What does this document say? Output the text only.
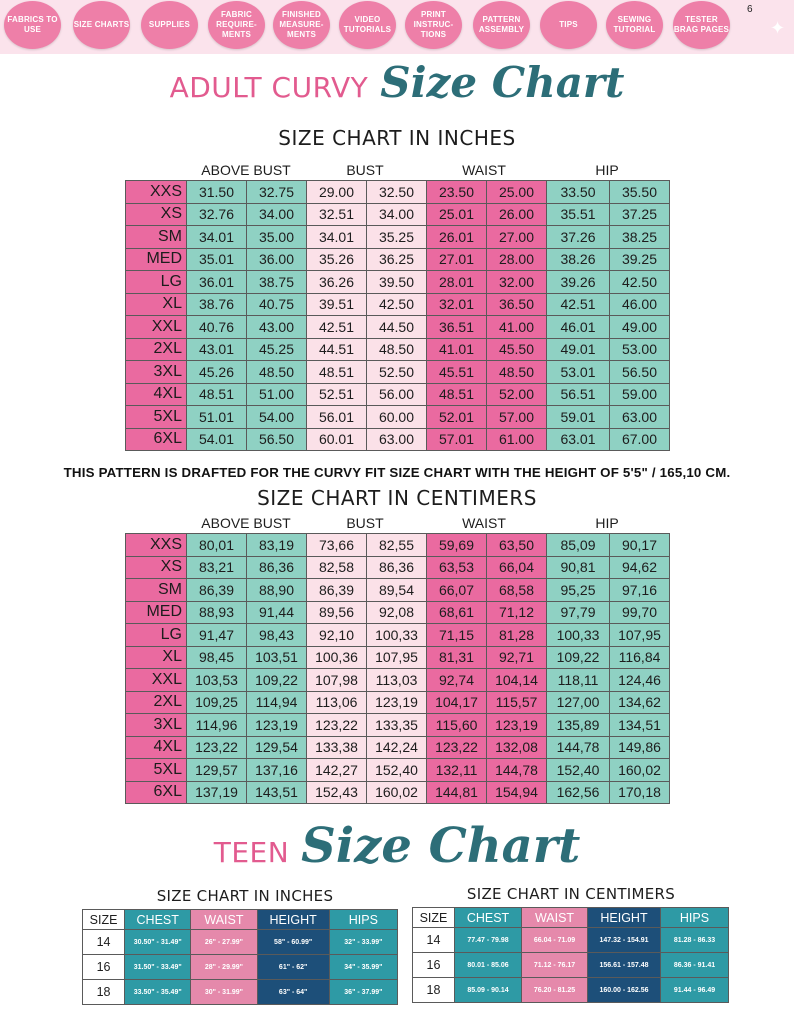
FABRICS TO USE
SIZE CHARTS	SUPPLIES
FABRIC REQUIRE- MENTS
FINISHED MEASURE- MENTS
VIDEO TUTORIALS
PRINT INSTRUC- TIONS
PATTERN ASSEMBLY
TIPS
SEWING TUTORIAL
TESTER BRAG PAGES
6
✦
ADULT CURVY Size Chart
SIZE CHART IN INCHES
ABOVE BUST	BUST	WAIST	HIP
XXS	31.50	32.75	29.00	32.50	23.50	25.00	33.50	35.50
XS	32.76	34.00	32.51	34.00	25.01	26.00	35.51	37.25
SM	34.01	35.00	34.01	35.25	26.01	27.00	37.26	38.25
MED	35.01	36.00	35.26	36.25	27.01	28.00	38.26	39.25
LG	36.01	38.75	36.26	39.50	28.01	32.00	39.26	42.50
XL	38.76	40.75	39.51	42.50	32.01	36.50	42.51	46.00
XXL	40.76	43.00	42.51	44.50	36.51	41.00	46.01	49.00
2XL	43.01	45.25	44.51	48.50	41.01	45.50	49.01	53.00
3XL	45.26	48.50	48.51	52.50	45.51	48.50	53.01	56.50
4XL	48.51	51.00	52.51	56.00	48.51	52.00	56.51	59.00
5XL	51.01	54.00	56.01	60.00	52.01	57.00	59.01	63.00
6XL	54.01	56.50	60.01	63.00	57.01	61.00	63.01	67.00
THIS PATTERN IS DRAFTED FOR THE CURVY FIT SIZE CHART WITH THE HEIGHT OF 5'5" / 165,10 CM.
SIZE CHART IN CENTIMERS
ABOVE BUST	BUST	WAIST	HIP
XXS	80,01	83,19	73,66	82,55	59,69	63,50	85,09	90,17
XS	83,21	86,36	82,58	86,36	63,53	66,04	90,81	94,62
SM	86,39	88,90	86,39	89,54	66,07	68,58	95,25	97,16
MED	88,93	91,44	89,56	92,08	68,61	71,12	97,79	99,70
LG	91,47	98,43	92,10	100,33	71,15	81,28	100,33	107,95
XL	98,45	103,51	100,36	107,95	81,31	92,71	109,22	116,84
XXL	103,53	109,22	107,98	113,03	92,74	104,14	118,11	124,46
2XL	109,25	114,94	113,06	123,19	104,17	115,57	127,00	134,62
3XL	114,96	123,19	123,22	133,35	115,60	123,19	135,89	134,51
4XL	123,22	129,54	133,38	142,24	123,22	132,08	144,78	149,86
5XL	129,57	137,16	142,27	152,40	132,11	144,78	152,40	160,02
6XL	137,19	143,51	152,43	160,02	144,81	154,94	162,56	170,18
TEEN Size Chart
SIZE CHART IN INCHES
SIZE	CHEST	WAIST	HEIGHT	HIPS
14	30.50" - 31.49"	26" - 27.99"	58" - 60.99"	32" - 33.99"
16	31.50" - 33.49"	28" - 29.99"	61" - 62"	34" - 35.99"
18	33.50" - 35.49"	30" - 31.99"	63" - 64"	36" - 37.99"
SIZE CHART IN CENTIMERS
SIZE	CHEST	WAIST	HEIGHT	HIPS
14	77.47 - 79.98	66.04 - 71.09	147.32 - 154.91	81.28 - 86.33
16	80.01 - 85.06	71.12 - 76.17	156.61 - 157.48	86.36 - 91.41
18	85.09 - 90.14	76.20 - 81.25	160.00 - 162.56	91.44 - 96.49
